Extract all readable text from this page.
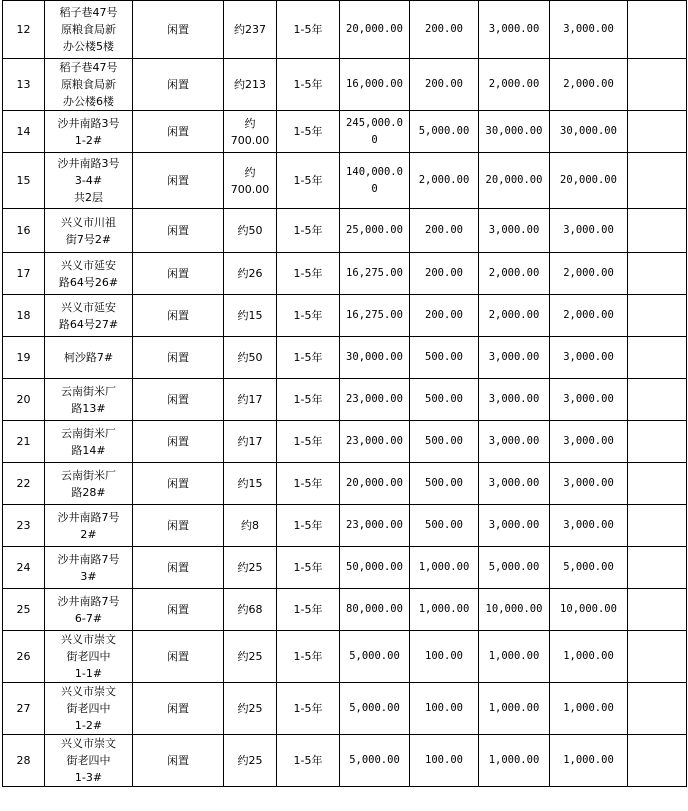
12	稻子巷47号
原粮食局新
办公楼5楼	闲置	约237	1-5年	20,000.00	200.00	3,000.00	3,000.00	
13	稻子巷47号
原粮食局新
办公楼6楼	闲置	约213	1-5年	16,000.00	200.00	2,000.00	2,000.00	
14	沙井南路3号
1-2#	闲置	约
700.00	1-5年	245,000.0
0	5,000.00	30,000.00	30,000.00	
15	沙井南路3号
3-4#
共2层	闲置	约
700.00	1-5年	140,000.0
0	2,000.00	20,000.00	20,000.00	
16	兴义市川祖
街7号2#	闲置	约50	1-5年	25,000.00	200.00	3,000.00	3,000.00	
17	兴义市延安
路64号26#	闲置	约26	1-5年	16,275.00	200.00	2,000.00	2,000.00	
18	兴义市延安
路64号27#	闲置	约15	1-5年	16,275.00	200.00	2,000.00	2,000.00	
19	柯沙路7#	闲置	约50	1-5年	30,000.00	500.00	3,000.00	3,000.00	
20	云南街米厂
路13#	闲置	约17	1-5年	23,000.00	500.00	3,000.00	3,000.00	
21	云南街米厂
路14#	闲置	约17	1-5年	23,000.00	500.00	3,000.00	3,000.00	
22	云南街米厂
路28#	闲置	约15	1-5年	20,000.00	500.00	3,000.00	3,000.00	
23	沙井南路7号
2#	闲置	约8	1-5年	23,000.00	500.00	3,000.00	3,000.00	
24	沙井南路7号
3#	闲置	约25	1-5年	50,000.00	1,000.00	5,000.00	5,000.00	
25	沙井南路7号
6-7#	闲置	约68	1-5年	80,000.00	1,000.00	10,000.00	10,000.00	
26	兴义市崇文
街老四中
1-1#	闲置	约25	1-5年	5,000.00	100.00	1,000.00	1,000.00	
27	兴义市崇文
街老四中
1-2#	闲置	约25	1-5年	5,000.00	100.00	1,000.00	1,000.00	
28	兴义市崇文
街老四中
1-3#	闲置	约25	1-5年	5,000.00	100.00	1,000.00	1,000.00	
